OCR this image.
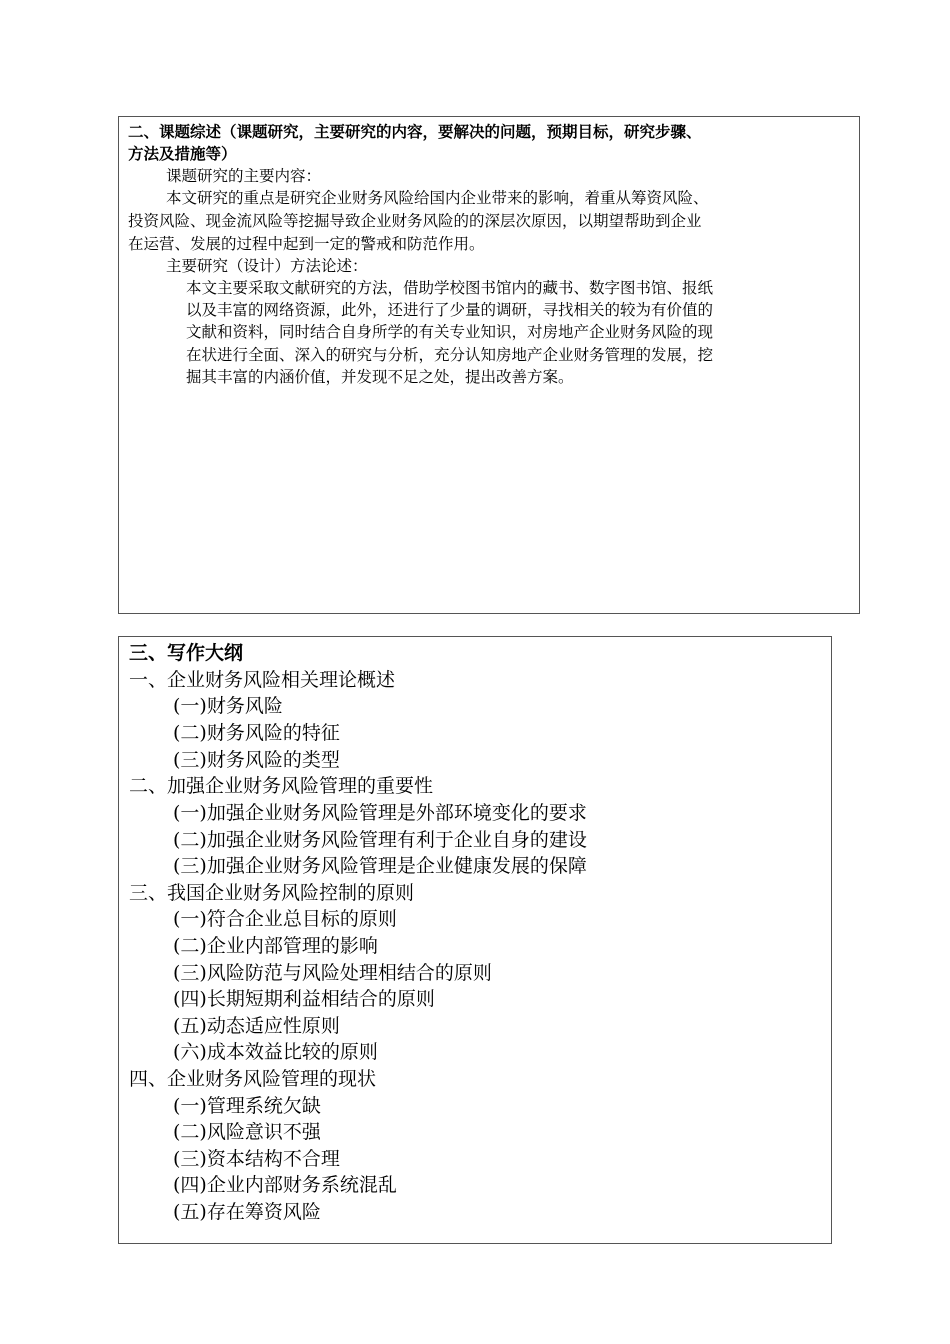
二、课题综述（课题研究，主要研究的内容，要解决的问题，预期目标，研究步骤、
方法及措施等）
课题研究的主要内容：
本文研究的重点是研究企业财务风险给国内企业带来的影响，着重从筹资风险、
投资风险、现金流风险等挖掘导致企业财务风险的的深层次原因，以期望帮助到企业
在运营、发展的过程中起到一定的警戒和防范作用。
主要研究（设计）方法论述：
本文主要采取文献研究的方法，借助学校图书馆内的藏书、数字图书馆、报纸
以及丰富的网络资源，此外，还进行了少量的调研，寻找相关的较为有价值的
文献和资料，同时结合自身所学的有关专业知识，对房地产企业财务风险的现
在状进行全面、深入的研究与分析，充分认知房地产企业财务管理的发展，挖
掘其丰富的内涵价值，并发现不足之处，提出改善方案。
三、写作大纲
一、企业财务风险相关理论概述
(一)财务风险
(二)财务风险的特征
(三)财务风险的类型
二、加强企业财务风险管理的重要性
(一)加强企业财务风险管理是外部环境变化的要求
(二)加强企业财务风险管理有利于企业自身的建设
(三)加强企业财务风险管理是企业健康发展的保障
三、我国企业财务风险控制的原则
(一)符合企业总目标的原则
(二)企业内部管理的影响
(三)风险防范与风险处理相结合的原则
(四)长期短期利益相结合的原则
(五)动态适应性原则
(六)成本效益比较的原则
四、企业财务风险管理的现状
(一)管理系统欠缺
(二)风险意识不强
(三)资本结构不合理
(四)企业内部财务系统混乱
(五)存在筹资风险
